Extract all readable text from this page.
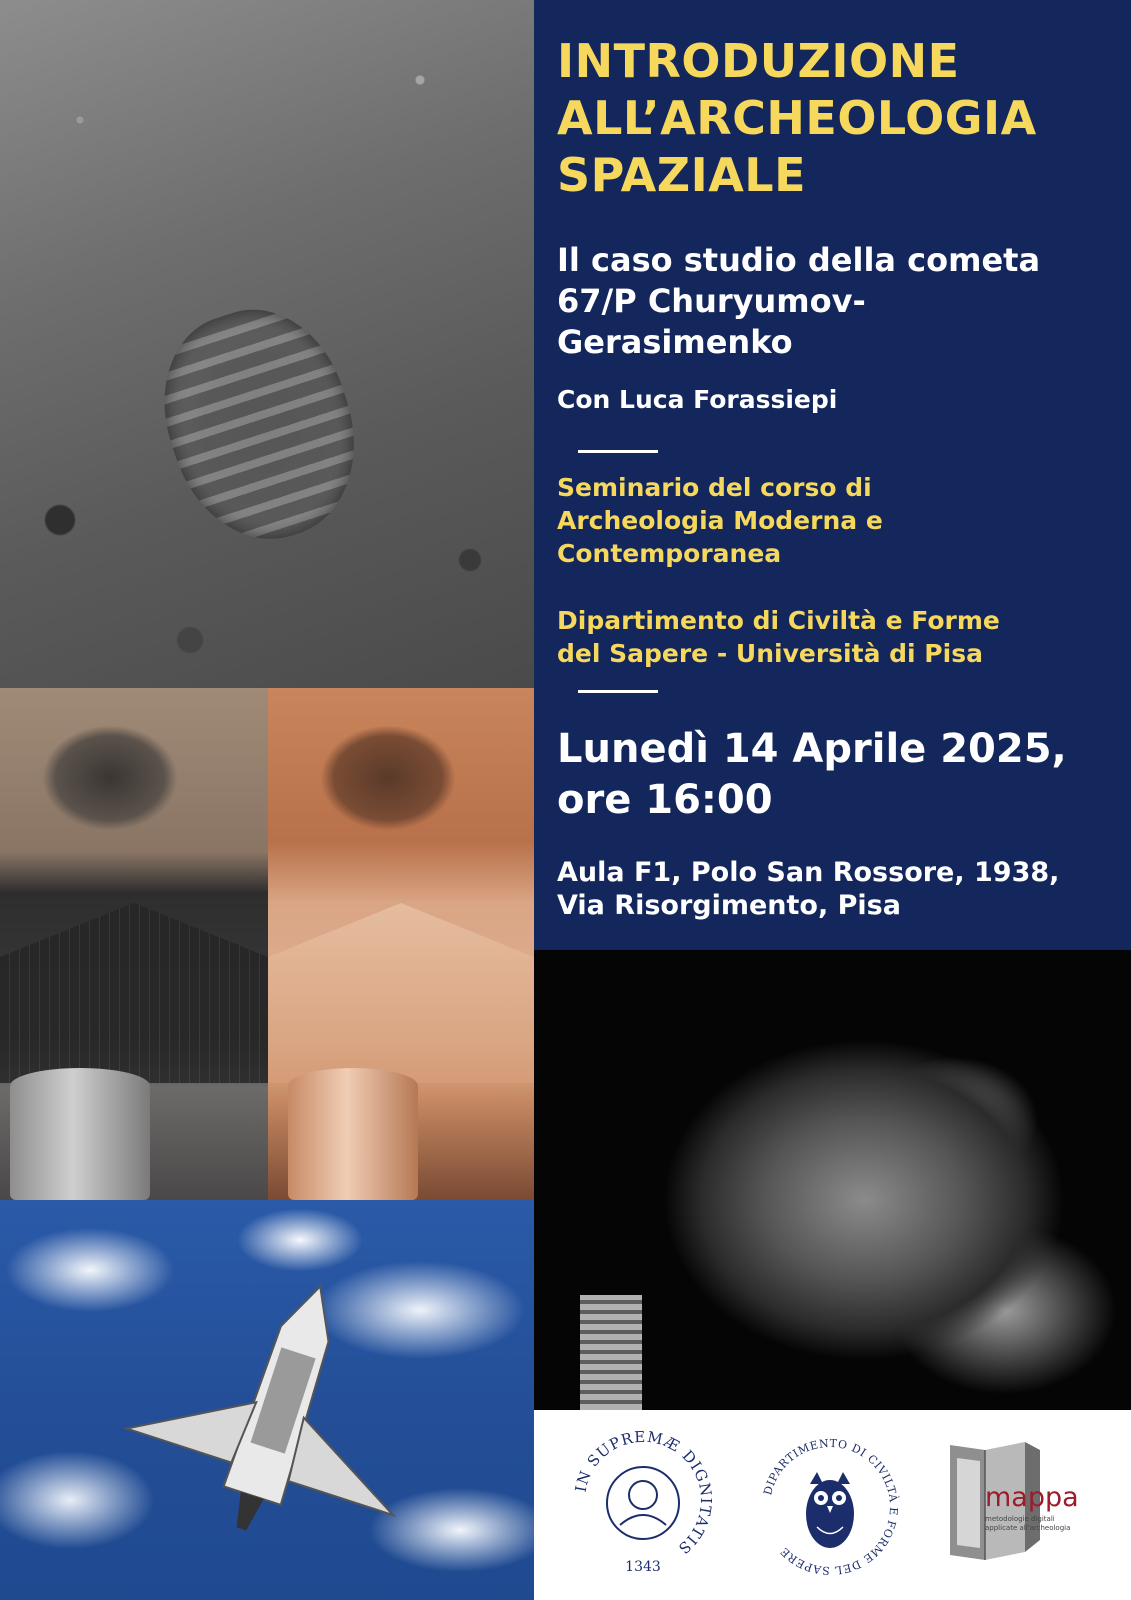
INTRODUZIONE
ALL’ARCHEOLOGIA
SPAZIALE
Il caso studio della cometa
67/P Churyumov-
Gerasimenko
Con Luca Forassiepi

Seminario del corso di
Archeologia Moderna e
Contemporanea

Dipartimento di Civiltà e Forme
del Sapere - Università di Pisa

Lunedì 14 Aprile 2025,
ore 16:00

Aula F1, Polo San Rossore, 1938,
Via Risorgimento, Pisa

IN SUPREMÆ DIGNITATIS
1343
DIPARTIMENTO DI CIVILTÀ E FORME DEL SAPERE
mappa
metodologie digitali
applicate all'archeologia
